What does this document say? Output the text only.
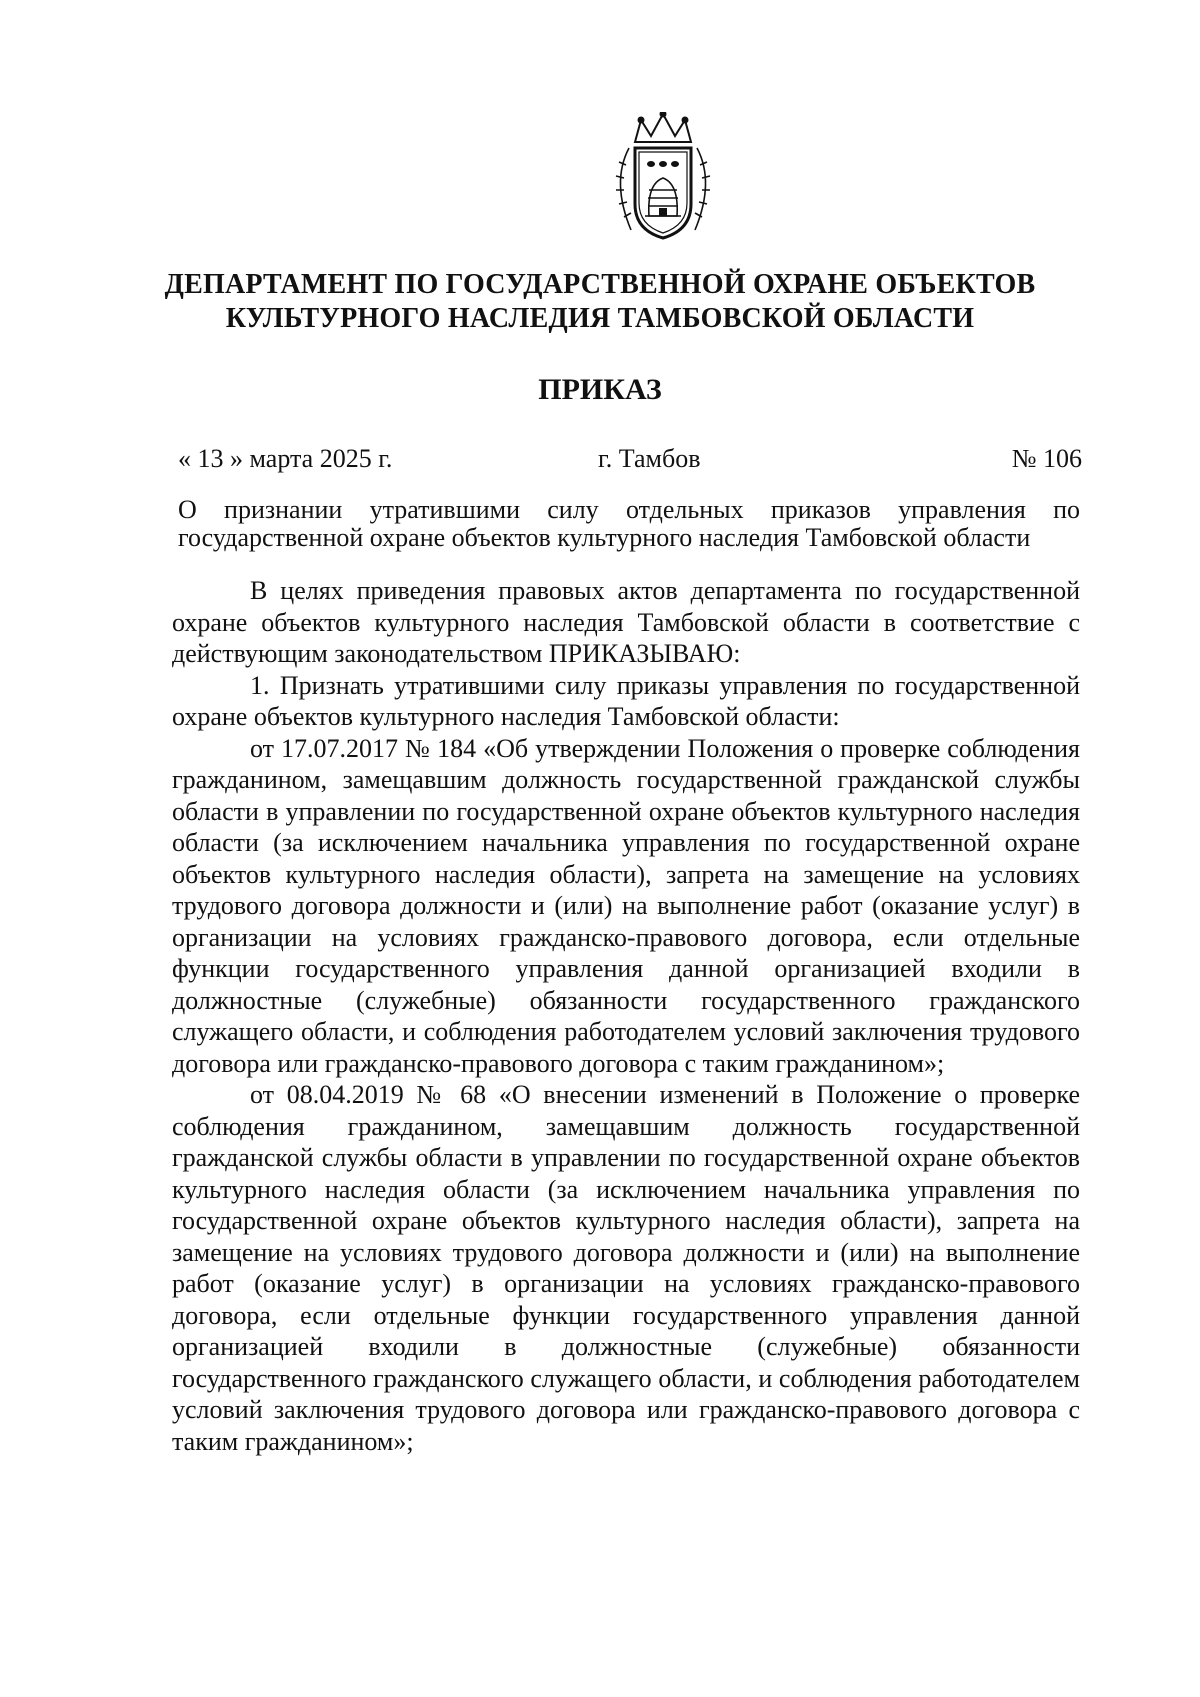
ДЕПАРТАМЕНТ ПО ГОСУДАРСТВЕННОЙ ОХРАНЕ ОБЪЕКТОВ
КУЛЬТУРНОГО НАСЛЕДИЯ ТАМБОВСКОЙ ОБЛАСТИ
ПРИКАЗ
« 13 » марта 2025 г.	г. Тамбов	№ 106
О признании утратившими силу отдельных приказов управления по государственной охране объектов культурного наследия Тамбовской области

В целях приведения правовых актов департамента по государственной охране объектов культурного наследия Тамбовской области в соответствие с действующим законодательством ПРИКАЗЫВАЮ:

1. Признать утратившими силу приказы управления по государственной охране объектов культурного наследия Тамбовской области:

от 17.07.2017 № 184 «Об утверждении Положения о проверке соблюдения гражданином, замещавшим должность государственной гражданской службы области в управлении по государственной охране объектов культурного наследия области (за исключением начальника управления по государственной охране объектов культурного наследия области), запрета на замещение на условиях трудового договора должности и (или) на выполнение работ (оказание услуг) в организации на условиях гражданско-правового договора, если отдельные функции государственного управления данной организацией входили в должностные (служебные) обязанности государственного гражданского служащего области, и соблюдения работодателем условий заключения трудового договора или гражданско-правового договора с таким гражданином»;

от 08.04.2019 № 68 «О внесении изменений в Положение о проверке соблюдения гражданином, замещавшим должность государственной гражданской службы области в управлении по государственной охране объектов культурного наследия области (за исключением начальника управления по государственной охране объектов культурного наследия области), запрета на замещение на условиях трудового договора должности и (или) на выполнение работ (оказание услуг) в организации на условиях гражданско-правового договора, если отдельные функции государственного управления данной организацией входили в должностные (служебные) обязанности государственного гражданского служащего области, и соблюдения работодателем условий заключения трудового договора или гражданско-правового договора с таким гражданином»;
